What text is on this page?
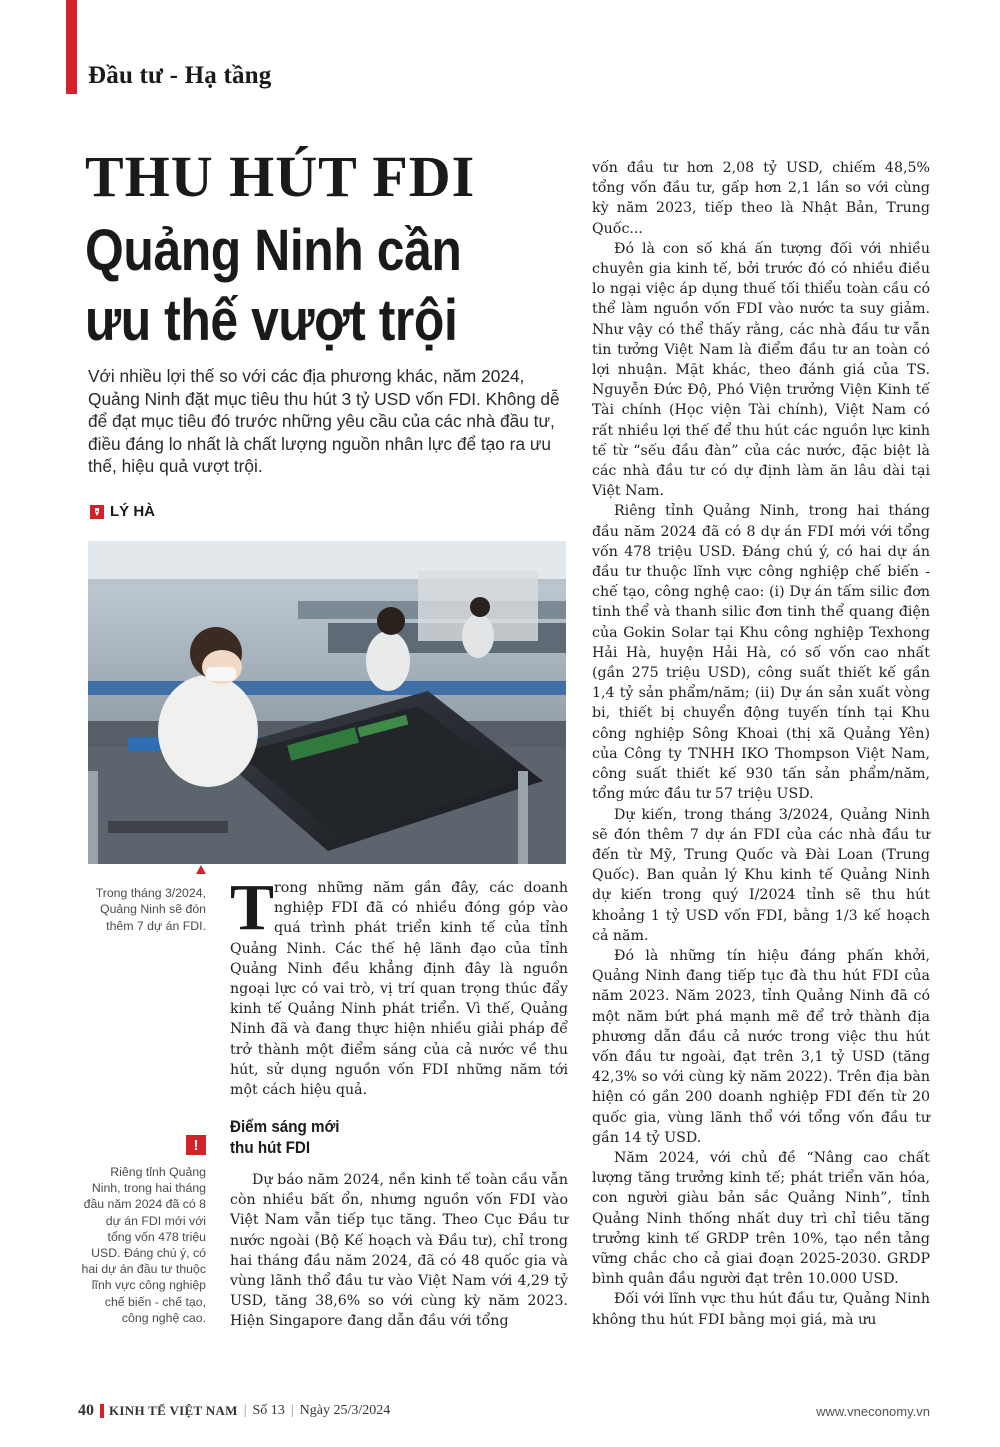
Đầu tư - Hạ tầng
THU HÚT FDI
Quảng Ninh cần
ưu thế vượt trội

Với nhiều lợi thế so với các địa phương khác, năm 2024, Quảng Ninh đặt mục tiêu thu hút 3 tỷ USD vốn FDI. Không dễ để đạt mục tiêu đó trước những yêu cầu của các nhà đầu tư, điều đáng lo nhất là chất lượng nguồn nhân lực để tạo ra ưu thế, hiệu quả vượt trội.

LÝ HÀ

Trong tháng 3/2024, Quảng Ninh sẽ đón thêm 7 dự án FDI. Trong những năm gần đây, các doanh nghiệp FDI đã có nhiều đóng góp vào quá trình phát triển kinh tế của tỉnh Quảng Ninh. Các thế hệ lãnh đạo của tỉnh Quảng Ninh đều khẳng định đây là nguồn ngoại lực có vai trò, vị trí quan trọng thúc đẩy kinh tế Quảng Ninh phát triển. Vì thế, Quảng Ninh đã và đang thực hiện nhiều giải pháp để trở thành một điểm sáng của cả nước về thu hút, sử dụng nguồn vốn FDI những năm tới một cách hiệu quả.

Điểm sáng mới
thu hút FDI

Dự báo năm 2024, nền kinh tế toàn cầu vẫn còn nhiều bất ổn, nhưng nguồn vốn FDI vào Việt Nam vẫn tiếp tục tăng. Theo Cục Đầu tư nước ngoài (Bộ Kế hoạch và Đầu tư), chỉ trong hai tháng đầu năm 2024, đã có 48 quốc gia và vùng lãnh thổ đầu tư vào Việt Nam với 4,29 tỷ USD, tăng 38,6% so với cùng kỳ năm 2023. Hiện Singapore đang dẫn đầu với tổng

!

Riêng tỉnh Quảng Ninh, trong hai tháng đầu năm 2024 đã có 8 dự án FDI mới với tổng vốn 478 triệu USD. Đáng chú ý, có hai dự án đầu tư thuộc lĩnh vực công nghiệp chế biến - chế tạo, công nghệ cao.

vốn đầu tư hơn 2,08 tỷ USD, chiếm 48,5% tổng vốn đầu tư, gấp hơn 2,1 lần so với cùng kỳ năm 2023, tiếp theo là Nhật Bản, Trung Quốc...

Đó là con số khá ấn tượng đối với nhiều chuyên gia kinh tế, bởi trước đó có nhiều điều lo ngại việc áp dụng thuế tối thiểu toàn cầu có thể làm nguồn vốn FDI vào nước ta suy giảm. Như vậy có thể thấy rằng, các nhà đầu tư vẫn tin tưởng Việt Nam là điểm đầu tư an toàn có lợi nhuận. Mặt khác, theo đánh giá của TS. Nguyễn Đức Độ, Phó Viện trưởng Viện Kinh tế Tài chính (Học viện Tài chính), Việt Nam có rất nhiều lợi thế để thu hút các nguồn lực kinh tế từ “sếu đầu đàn” của các nước, đặc biệt là các nhà đầu tư có dự định làm ăn lâu dài tại Việt Nam.

Riêng tỉnh Quảng Ninh, trong hai tháng đầu năm 2024 đã có 8 dự án FDI mới với tổng vốn 478 triệu USD. Đáng chú ý, có hai dự án đầu tư thuộc lĩnh vực công nghiệp chế biến - chế tạo, công nghệ cao: (i) Dự án tấm silic đơn tinh thể và thanh silic đơn tinh thể quang điện của Gokin Solar tại Khu công nghiệp Texhong Hải Hà, huyện Hải Hà, có số vốn cao nhất (gần 275 triệu USD), công suất thiết kế gần 1,4 tỷ sản phẩm/năm; (ii) Dự án sản xuất vòng bi, thiết bị chuyển động tuyến tính tại Khu công nghiệp Sông Khoai (thị xã Quảng Yên) của Công ty TNHH IKO Thompson Việt Nam, công suất thiết kế 930 tấn sản phẩm/năm, tổng mức đầu tư 57 triệu USD.

Dự kiến, trong tháng 3/2024, Quảng Ninh sẽ đón thêm 7 dự án FDI của các nhà đầu tư đến từ Mỹ, Trung Quốc và Đài Loan (Trung Quốc). Ban quản lý Khu kinh tế Quảng Ninh dự kiến trong quý I/2024 tỉnh sẽ thu hút khoảng 1 tỷ USD vốn FDI, bằng 1/3 kế hoạch cả năm.

Đó là những tín hiệu đáng phấn khởi, Quảng Ninh đang tiếp tục đà thu hút FDI của năm 2023. Năm 2023, tỉnh Quảng Ninh đã có một năm bứt phá mạnh mẽ để trở thành địa phương dẫn đầu cả nước trong việc thu hút vốn đầu tư ngoài, đạt trên 3,1 tỷ USD (tăng 42,3% so với cùng kỳ năm 2022). Trên địa bàn hiện có gần 200 doanh nghiệp FDI đến từ 20 quốc gia, vùng lãnh thổ với tổng vốn đầu tư gần 14 tỷ USD.

Năm 2024, với chủ đề “Nâng cao chất lượng tăng trưởng kinh tế; phát triển văn hóa, con người giàu bản sắc Quảng Ninh”, tỉnh Quảng Ninh thống nhất duy trì chỉ tiêu tăng trưởng kinh tế GRDP trên 10%, tạo nền tảng vững chắc cho cả giai đoạn 2025-2030. GRDP bình quân đầu người đạt trên 10.000 USD.

Đối với lĩnh vực thu hút đầu tư, Quảng Ninh không thu hút FDI bằng mọi giá, mà ưu

40 KINH TẾ VIỆT NAM | Số 13 | Ngày 25/3/2024	www.vneconomy.vn
